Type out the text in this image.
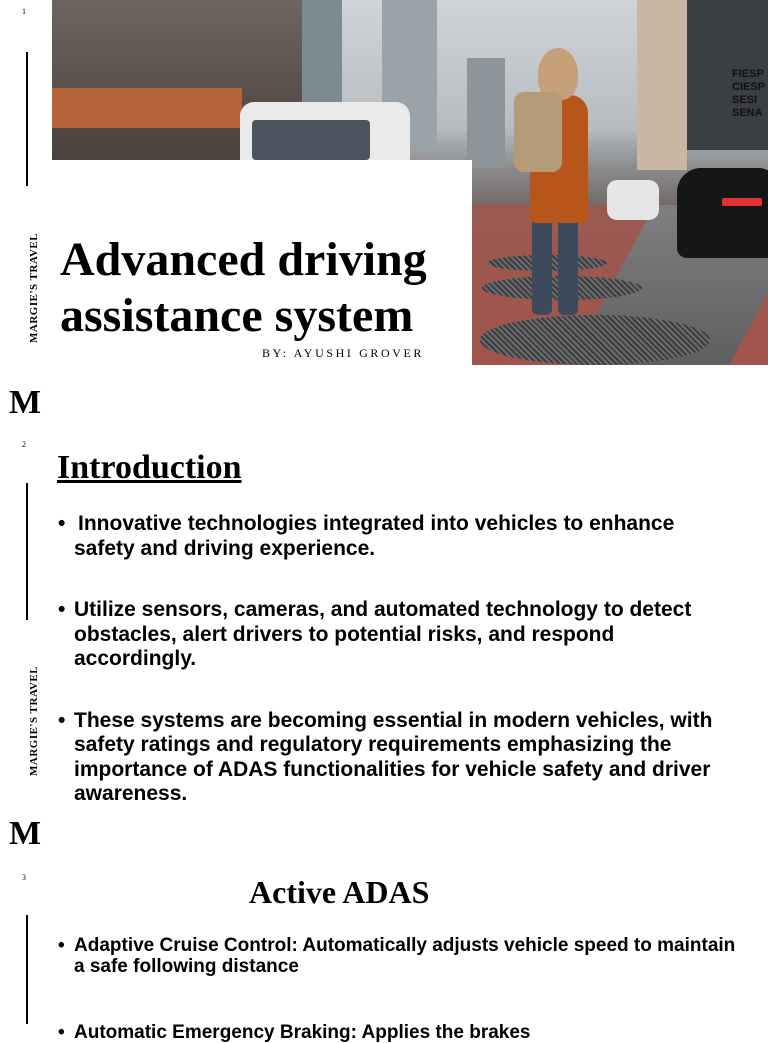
1
MARGIE'S TRAVEL
FIESP
CIESP
SESI
SENA
Advanced driving assistance system
BY: AYUSHI GROVER
M
2
MARGIE'S TRAVEL
Introduction
• Innovative technologies integrated into vehicles to enhance safety and driving experience.
• Utilize sensors, cameras, and automated technology to detect obstacles, alert drivers to potential risks, and respond accordingly.
• These systems are becoming essential in modern vehicles, with safety ratings and regulatory requirements emphasizing the importance of ADAS functionalities for vehicle safety and driver awareness.
M
3	Active ADAS
• Adaptive Cruise Control: Automatically adjusts vehicle speed to maintain a safe following distance
• Automatic Emergency Braking: Applies the brakes
